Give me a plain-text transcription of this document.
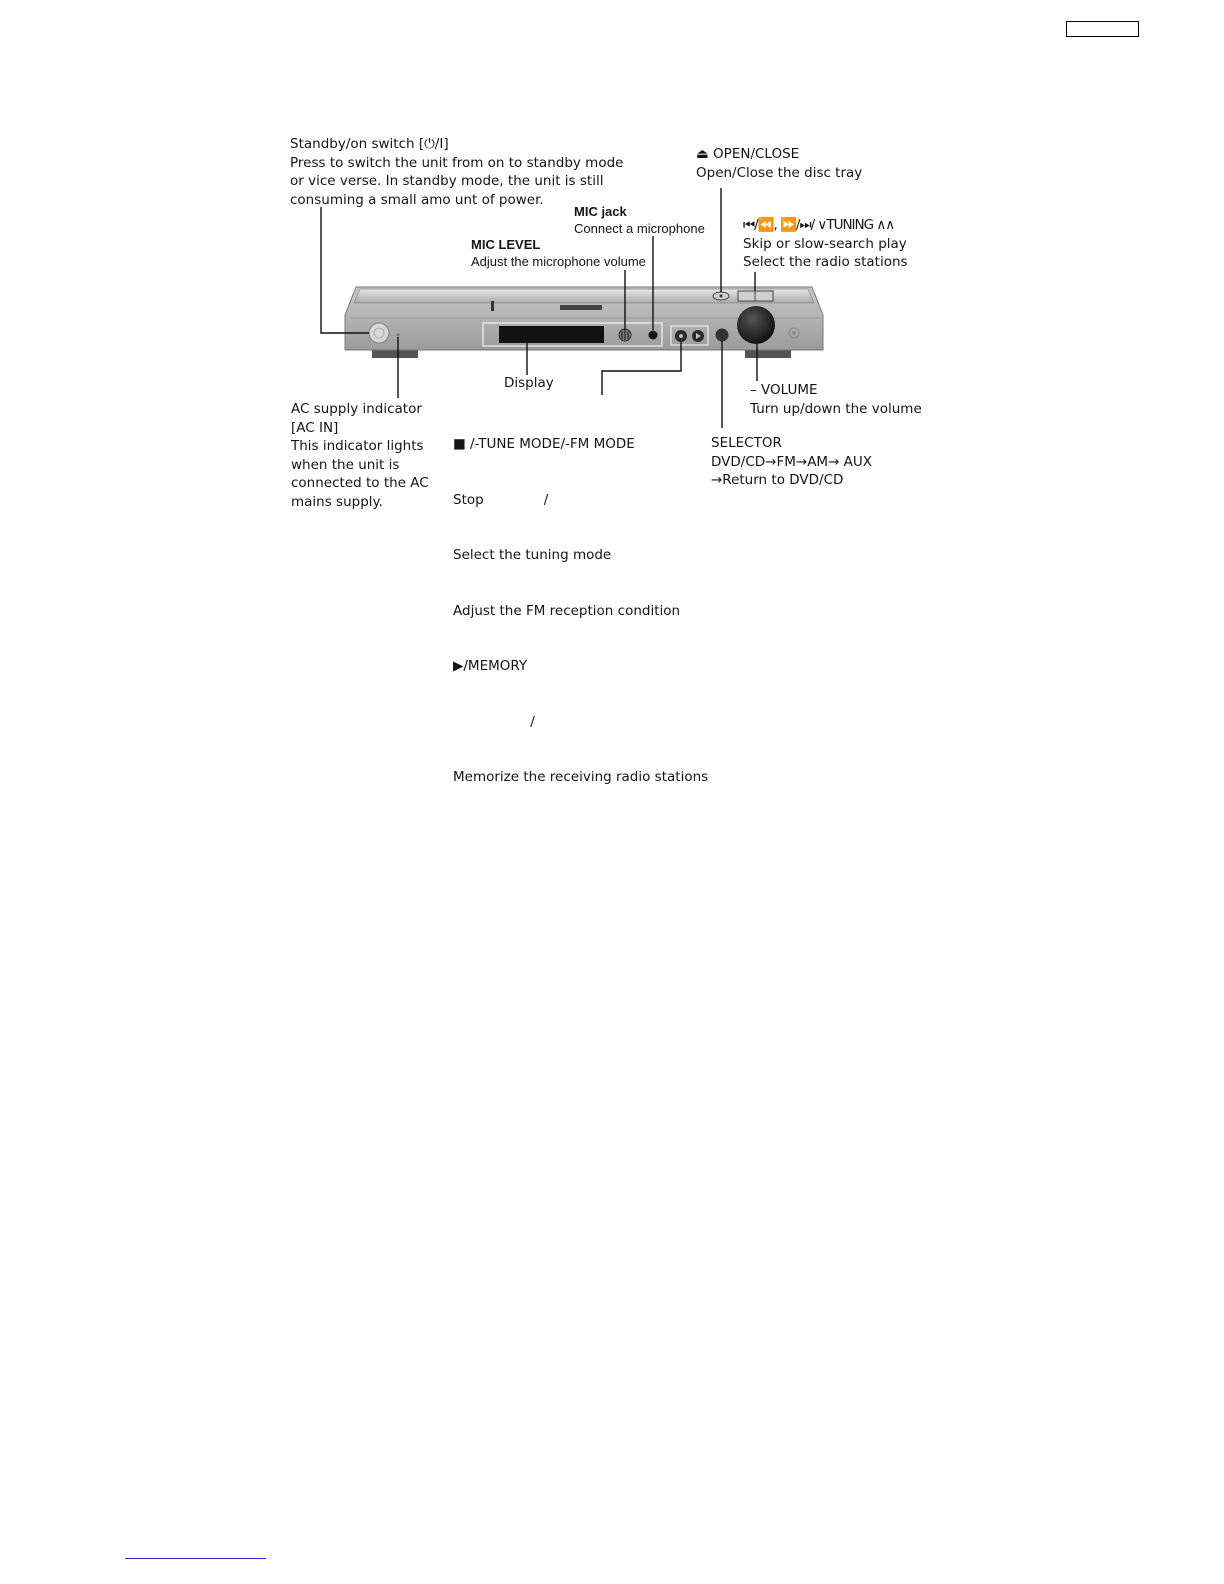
Standby/on switch [⏻/I]
Press to switch the unit from on to standby mode
or vice verse. In standby mode, the unit is still
consuming a small amo unt of power.
⏏ OPEN/CLOSE
Open/Close the disc tray
MIC jack
Connect a microphone
MIC LEVEL
Adjust the microphone volume
⏮/⏪, ⏩/⏭/ ∨TUNING ∧∧
Skip or slow-search play
Select the radio stations
Display	– VOLUME
Turn up/down the volume
AC supply indicator
[AC IN]
This indicator lights
when the unit is
connected to the AC
mains supply.

■ /-TUNE MODE/-FM MODE

Stop              /

Select the tuning mode

Adjust the FM reception condition

▶/MEMORY

/

Memorize the receiving radio stations

SELECTOR
DVD/CD→FM→AM→ AUX
→Return to DVD/CD
